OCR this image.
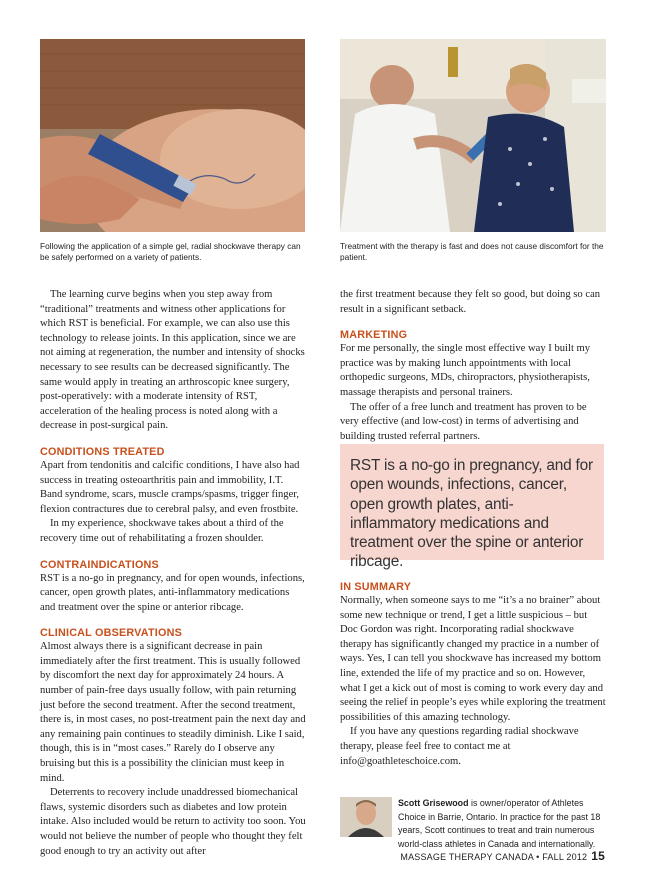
Following the application of a simple gel, radial shockwave therapy can be safely performed on a variety of patients.
Treatment with the therapy is fast and does not cause discomfort for the patient.

The learning curve begins when you step away from “traditional” treatments and witness other applications for which RST is beneficial. For example, we can also use this technology to release joints. In this application, since we are not aiming at regeneration, the number and intensity of shocks necessary to see results can be decreased significantly. The same would apply in treating an arthroscopic knee surgery, post-operatively: with a moderate intensity of RST, acceleration of the healing process is noted along with a decrease in post-surgical pain.

CONDITIONS TREATED

Apart from tendonitis and calcific conditions, I have also had success in treating osteoarthritis pain and immobility, I.T. Band syndrome, scars, muscle cramps/spasms, trigger finger, flexion contractures due to cerebral palsy, and even frostbite.

In my experience, shockwave takes about a third of the recovery time out of rehabilitating a frozen shoulder.

CONTRAINDICATIONS

RST is a no-go in pregnancy, and for open wounds, infections, cancer, open growth plates, anti-inflammatory medications and treatment over the spine or anterior ribcage.

CLINICAL OBSERVATIONS

Almost always there is a significant decrease in pain immediately after the first treatment. This is usually followed by discomfort the next day for approximately 24 hours. A number of pain-free days usually follow, with pain returning just before the second treatment. After the second treatment, there is, in most cases, no post-treatment pain the next day and any remaining pain continues to steadily diminish. Like I said, though, this is in “most cases.” Rarely do I observe any bruising but this is a possibility the clinician must keep in mind.

Deterrents to recovery include unaddressed biomechanical flaws, systemic disorders such as diabetes and low protein intake. Also included would be return to activity too soon. You would not believe the number of people who thought they felt good enough to try an activity out after

the first treatment because they felt so good, but doing so can result in a significant setback.

MARKETING

For me personally, the single most effective way I built my practice was by making lunch appointments with local orthopedic surgeons, MDs, chiropractors, physiotherapists, massage therapists and personal trainers.

The offer of a free lunch and treatment has proven to be very effective (and low-cost) in terms of advertising and building trusted referral partners.

RST is a no-go in pregnancy, and for open wounds, infections, cancer, open growth plates, anti-inflammatory medications and treatment over the spine or anterior ribcage.
IN SUMMARY

Normally, when someone says to me “it’s a no brainer” about some new technique or trend, I get a little suspicious – but Doc Gordon was right. Incorporating radial shockwave therapy has significantly changed my practice in a number of ways. Yes, I can tell you shockwave has increased my bottom line, extended the life of my practice and so on. However, what I get a kick out of most is coming to work every day and seeing the relief in people’s eyes while exploring the treatment possibilities of this amazing technology.

If you have any questions regarding radial shockwave therapy, please feel free to contact me at info@goathleteschoice.com.

Scott Grisewood is owner/operator of Athletes Choice in Barrie, Ontario. In practice for the past 18 years, Scott continues to treat and train numerous world-class athletes in Canada and internationally.
MASSAGE THERAPY CANADA • FALL 2012 15
